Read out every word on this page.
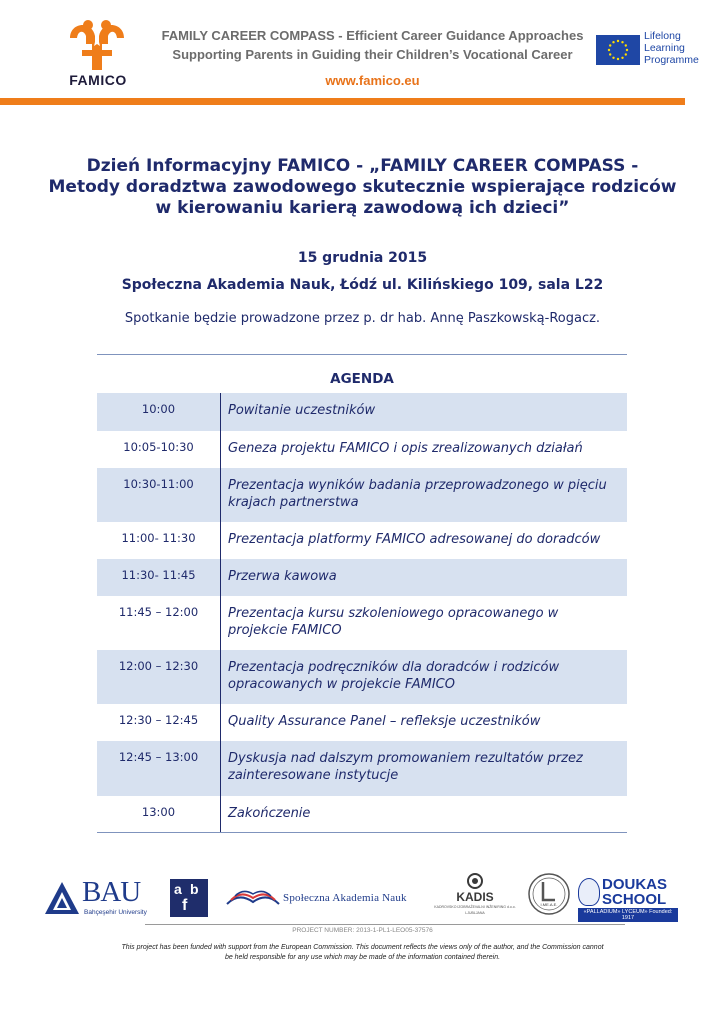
FAMICO
FAMILY CAREER COMPASS - Efficient Career Guidance Approaches
Supporting Parents in Guiding their Children’s Vocational Career
www.famico.eu
Lifelong
Learning
Programme
Dzień Informacyjny FAMICO - „FAMILY CAREER COMPASS -
Metody doradztwa zawodowego skutecznie wspierające rodziców
w kierowaniu karierą zawodową ich dzieci”
15 grudnia 2015
Społeczna Akademia Nauk, Łódź ul. Kilińskiego 109, sala L22
Spotkanie będzie prowadzone przez p. dr hab. Annę Paszkowską-Rogacz.
AGENDA
10:00	Powitanie uczestników
10:05-10:30	Geneza projektu FAMICO i opis zrealizowanych działań
10:30-11:00	Prezentacja wyników badania przeprowadzonego w pięciu krajach partnerstwa
11:00- 11:30	Prezentacja platformy FAMICO adresowanej do doradców
11:30- 11:45	Przerwa kawowa
11:45 – 12:00	Prezentacja kursu szkoleniowego opracowanego w projekcie FAMICO
12:00 – 12:30	Prezentacja podręczników dla doradców i rodziców opracowanych w projekcie FAMICO
12:30 – 12:45	Quality Assurance Panel – refleksje uczestników
12:45 – 13:00	Dyskusja nad dalszym promowaniem rezultatów przez zainteresowane instytucje
13:00	Zakończenie
BAU
Bahçeşehir University
a b
f	Społeczna Akademia Nauk	KADIS
KADROVSKO IZOBRAŽEVALNI INŽENIRING d.o.o.
LJUBLJANA
I.ME.A.E.
DOUKAS
SCHOOL
«PALLADIUM» LYCEUM» Founded: 1917
PROJECT NUMBER: 2013-1-PL1-LEO05-37576
This project has been funded with support from the European Commission. This document reflects the views only of the author, and the Commission cannot be held responsible for any use which may be made of the information contained therein.
